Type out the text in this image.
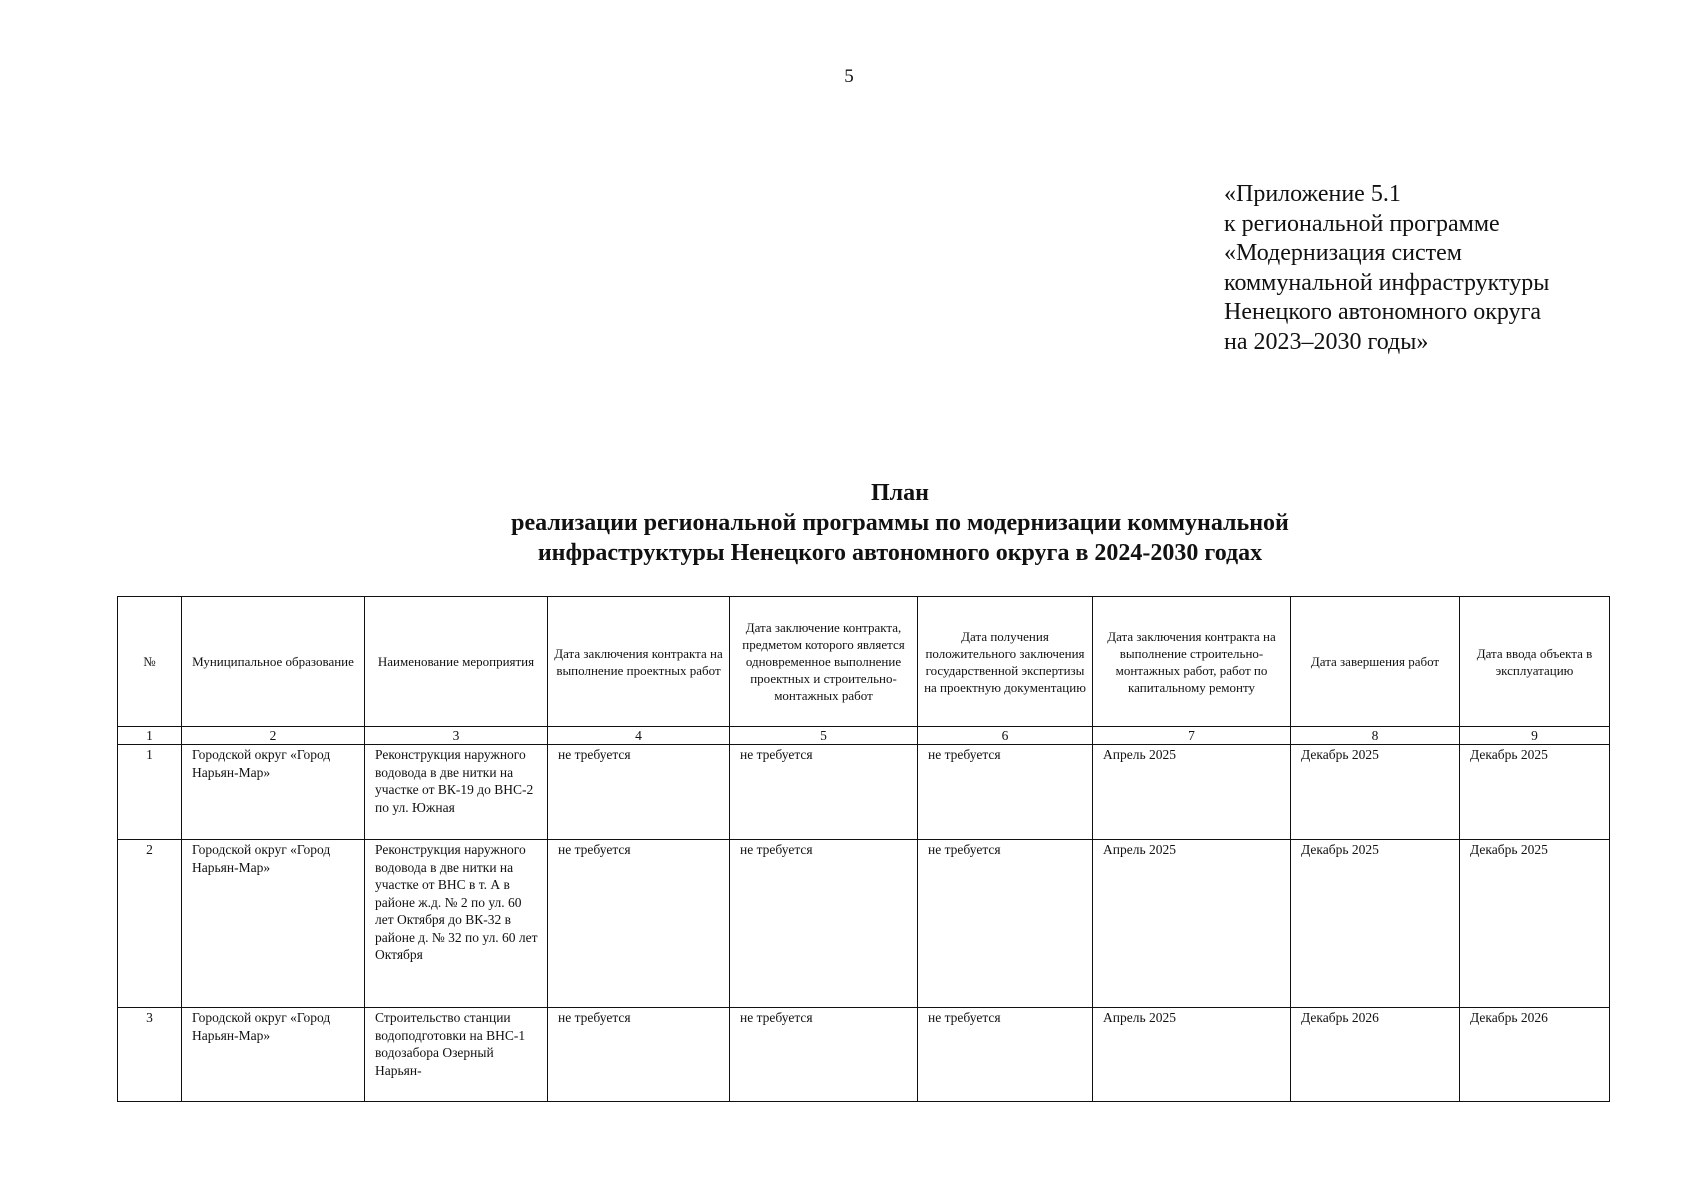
5
«Приложение 5.1
к региональной программе
«Модернизация систем
коммунальной инфраструктуры
Ненецкого автономного округа
на 2023–2030 годы»
План
реализации региональной программы по модернизации коммунальной
инфраструктуры Ненецкого автономного округа в 2024-2030 годах
№	Муниципальное образование	Наименование мероприятия	Дата заключения контракта на выполнение проектных работ	Дата заключение контракта, предметом которого является одновременное выполнение проектных и строительно-монтажных работ	Дата получения положительного заключения государственной экспертизы на проектную документацию	Дата заключения контракта на выполнение строительно-монтажных работ, работ по капитальному ремонту	Дата завершения работ	Дата ввода объекта в эксплуатацию
1	2	3	4	5	6	7	8	9
1	Городской округ «Город Нарьян-Мар»	Реконструкция наружного водовода в две нитки на участке от ВК-19 до ВНС-2 по ул. Южная	не требуется	не требуется	не требуется	Апрель 2025	Декабрь 2025	Декабрь 2025
2	Городской округ «Город Нарьян-Мар»	Реконструкция наружного водовода в две нитки на участке от ВНС в т. А в районе ж.д. № 2 по ул. 60 лет Октября до ВК-32 в районе д. № 32 по ул. 60 лет Октября	не требуется	не требуется	не требуется	Апрель 2025	Декабрь 2025	Декабрь 2025
3	Городской округ «Город Нарьян-Мар»	Строительство станции водоподготовки на ВНС-1 водозабора Озерный Нарьян-	не требуется	не требуется	не требуется	Апрель 2025	Декабрь 2026	Декабрь 2026
